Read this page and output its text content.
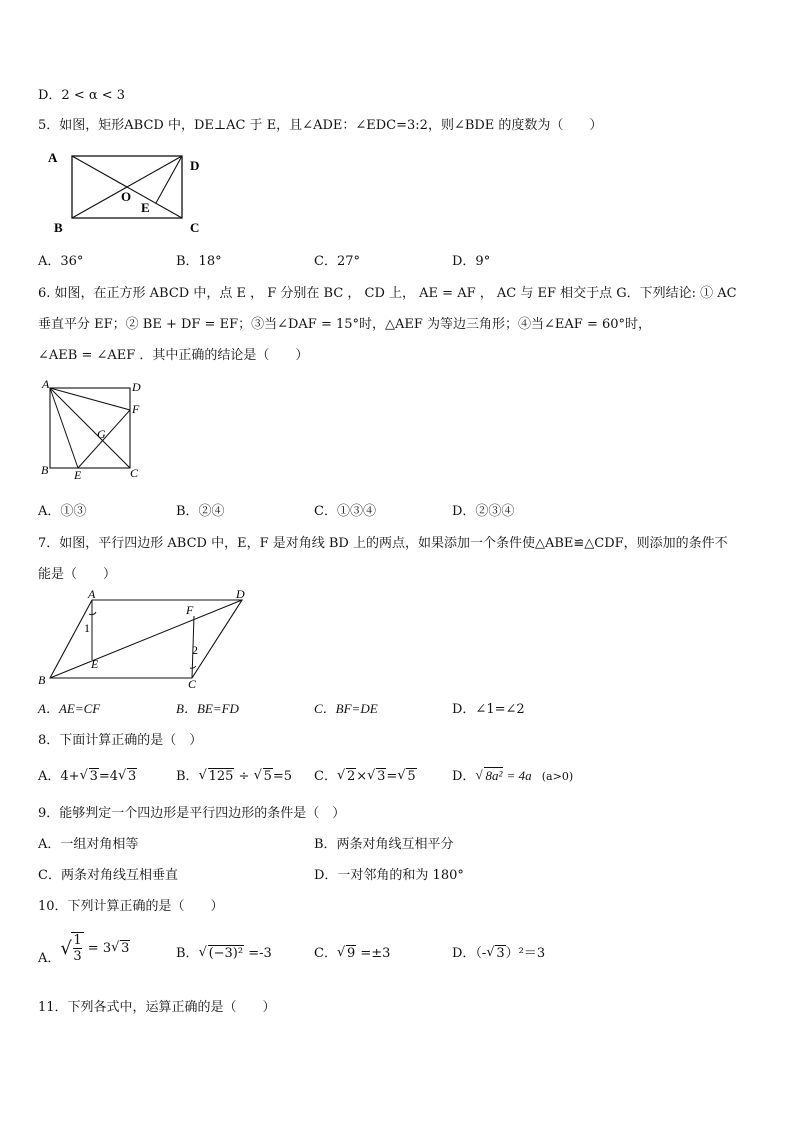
D．2 < α < 3
5．如图，矩形ABCD 中，DE⊥AC 于 E，且∠ADE：∠EDC=3:2，则∠BDE 的度数为（　　）
A
D
B	C
O
E
A．36°	B．18°	C．27°	D．9°
6. 如图，在正方形 ABCD 中，点 E ， F 分别在 BC ， CD 上， AE = AF ， AC 与 EF 相交于点 G．下列结论: ① AC
垂直平分 EF；② BE + DF = EF；③当∠DAF = 15°时，△AEF 为等边三角形；④当∠EAF = 60°时，
∠AEB = ∠AEF ．其中正确的结论是（　　）
A	D
F
G
B E	C
A．①③	B．②④	C．①③④	D．②③④
7．如图，平行四边形 ABCD 中，E，F 是对角线 BD 上的两点，如果添加一个条件使△ABE≌△CDF，则添加的条件不
能是（　　）
A	D
F
B	C
E
1
2
A．AE=CF	B．BE=FD	C．BF=DE	D．∠1=∠2
8．下面计算正确的是（　）
A．4+√ 3=4√ 3	B．√ 125 ÷ √ 5=5 C．√ 2×√ 3=√ 5	D．√ 8a² = 4a (a>0)
9．能够判定一个四边形是平行四边形的条件是（　）
A．一组对角相等	B．两条对角线互相平分
C．两条对角线互相垂直	D．一对邻角的和为 180°
10．下列计算正确的是（　　）
A． √ $\frac{1}{3} = 3√$ 3	B．√ (−3)² =-3	C．√ 9 =±3	D．（-√ 3）²＝3
11．下列各式中，运算正确的是（　　）
